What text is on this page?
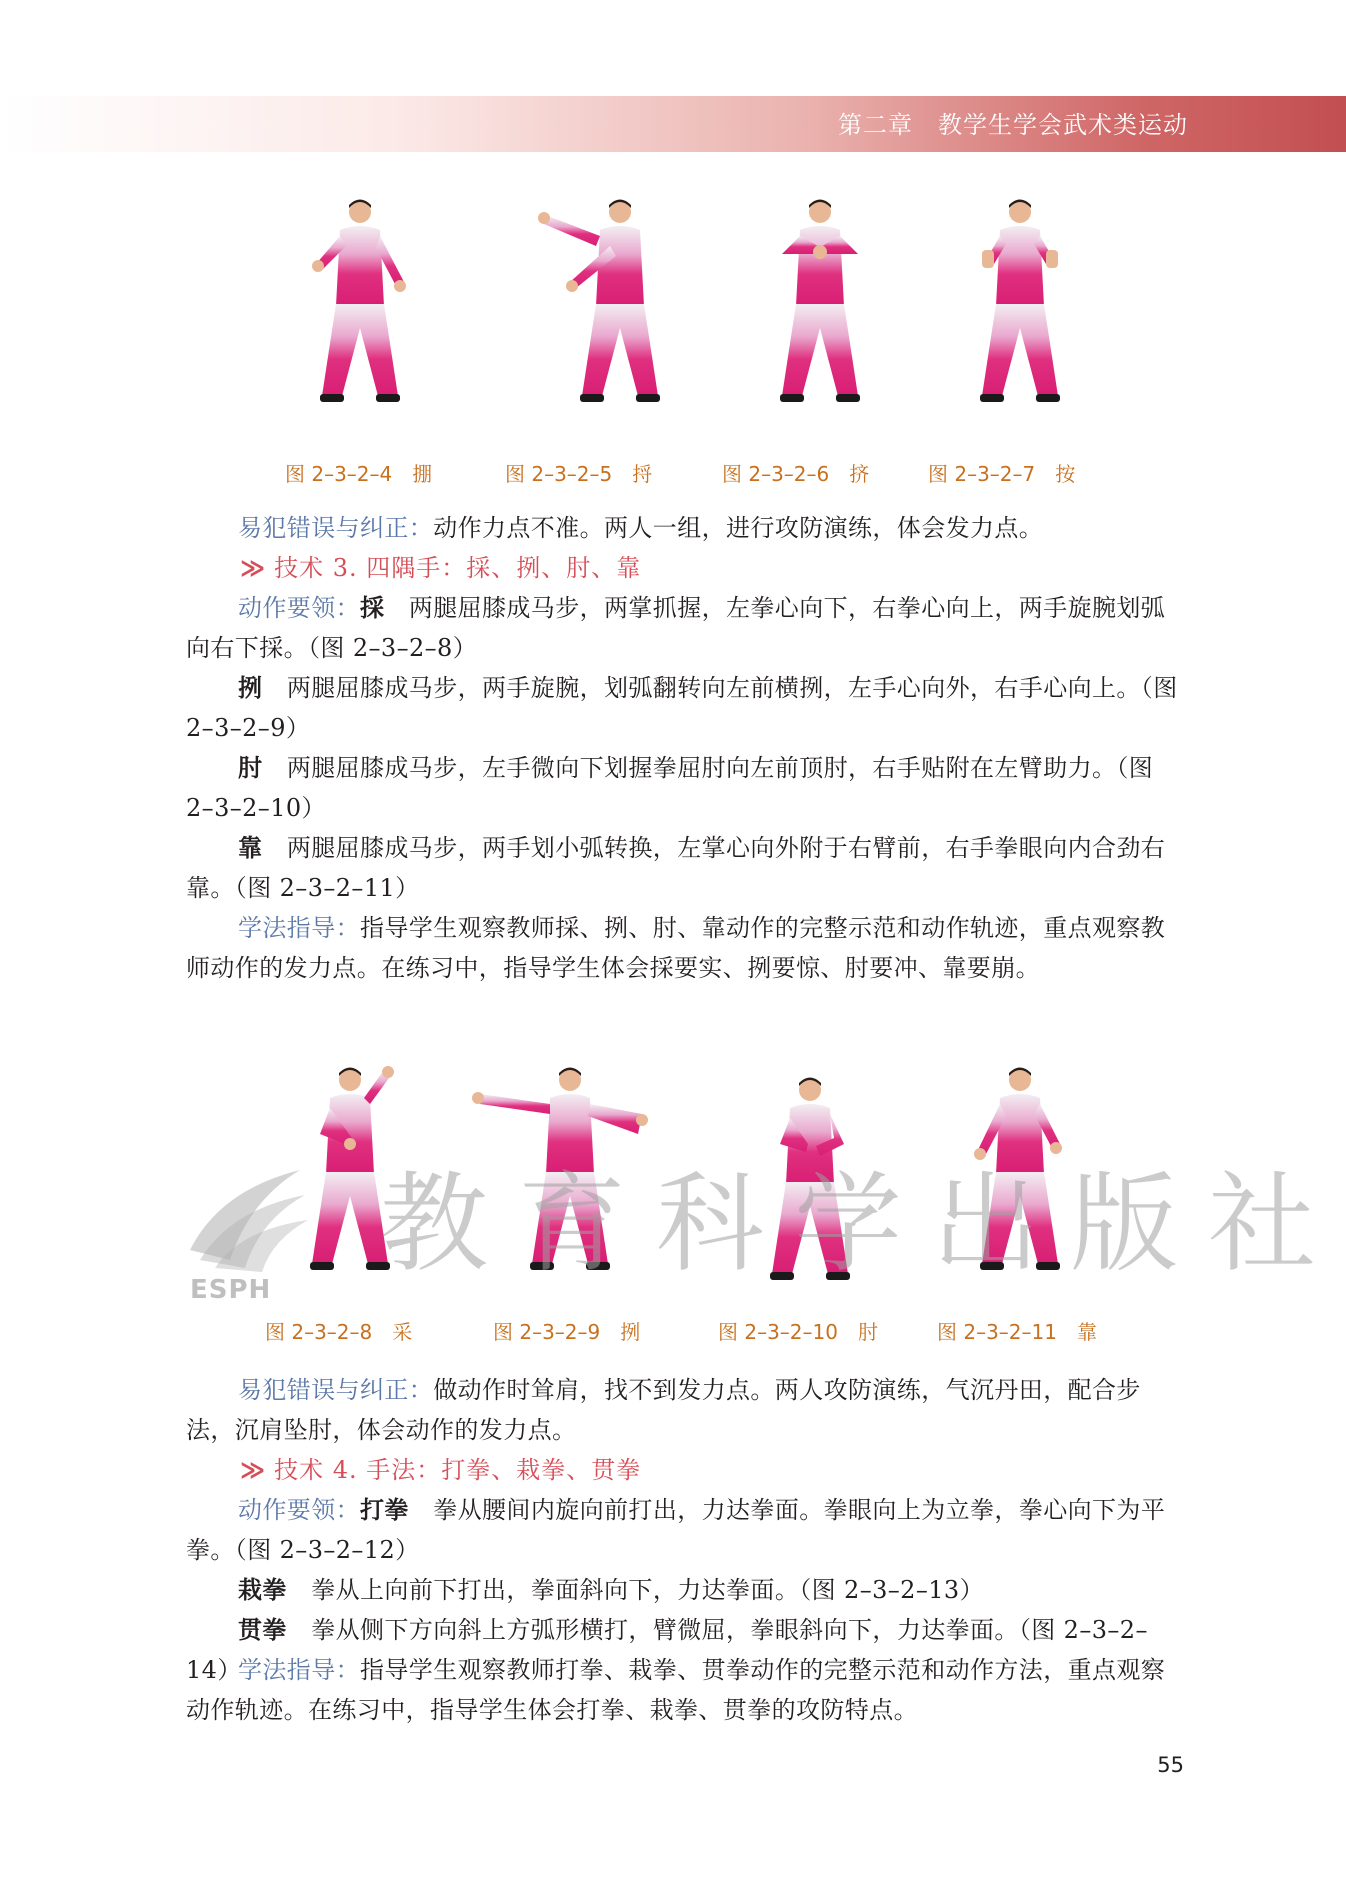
第二章　教学生学会武术类运动
图 2–3–2–4　掤	图 2–3–2–5　捋	图 2–3–2–6　挤	图 2–3–2–7　按
易犯错误与纠正：动作力点不准。两人一组，进行攻防演练，体会发力点。
≫ 技术 3. 四隅手：採、挒、肘、靠
动作要领：採　 两腿屈膝成马步，两掌抓握，左拳心向下，右拳心向上，两手旋腕划弧向右下採。（图 2–3–2–8）
挒　 两腿屈膝成马步，两手旋腕，划弧翻转向左前横挒，左手心向外，右手心向上。（图 2–3–2–9）
肘　 两腿屈膝成马步，左手微向下划握拳屈肘向左前顶肘，右手贴附在左臂助力。（图 2–3–2–10）
靠　 两腿屈膝成马步，两手划小弧转换，左掌心向外附于右臂前，右手拳眼向内合劲右靠。（图 2–3–2–11）
学法指导：指导学生观察教师採、挒、肘、靠动作的完整示范和动作轨迹，重点观察教师动作的发力点。在练习中，指导学生体会採要实、挒要惊、肘要冲、靠要崩。
图 2–3–2–8　采	图 2–3–2–9　挒	图 2–3–2–10　肘	图 2–3–2–11　靠
ESPH
教育科学出版社
易犯错误与纠正：做动作时耸肩，找不到发力点。两人攻防演练，气沉丹田，配合步法，沉肩坠肘，体会动作的发力点。
≫ 技术 4. 手法：打拳、栽拳、贯拳
动作要领：打拳　 拳从腰间内旋向前打出，力达拳面。拳眼向上为立拳，拳心向下为平拳。（图 2–3–2–12）
栽拳　 拳从上向前下打出，拳面斜向下，力达拳面。（图 2–3–2–13）
贯拳　 拳从侧下方向斜上方弧形横打，臂微屈，拳眼斜向下，力达拳面。（图 2–3–2–14）
学法指导：指导学生观察教师打拳、栽拳、贯拳动作的完整示范和动作方法，重点观察动作轨迹。在练习中，指导学生体会打拳、栽拳、贯拳的攻防特点。
55
